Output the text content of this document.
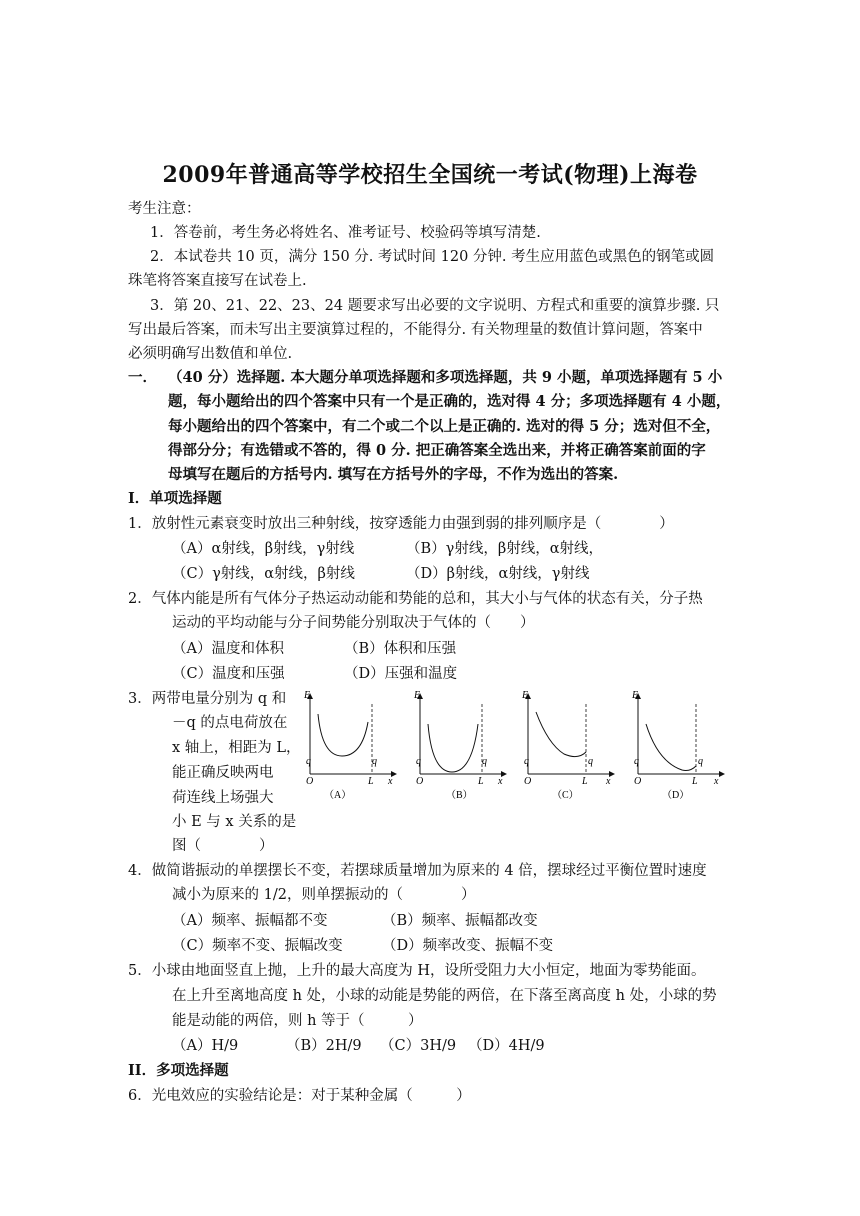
2009年普通高等学校招生全国统一考试(物理)上海卷
考生注意：
1．答卷前，考生务必将姓名、准考证号、校验码等填写清楚.
2．本试卷共 10 页，满分 150 分. 考试时间 120 分钟. 考生应用蓝色或黑色的钢笔或圆
珠笔将答案直接写在试卷上.
3．第 20、21、22、23、24 题要求写出必要的文字说明、方程式和重要的演算步骤. 只
写出最后答案，而未写出主要演算过程的，不能得分. 有关物理量的数值计算问题，答案中
必须明确写出数值和单位.
一． （40 分）选择题. 本大题分单项选择题和多项选择题，共 9 小题，单项选择题有 5 小
题，每小题给出的四个答案中只有一个是正确的，选对得 4 分；多项选择题有 4 小题，
每小题给出的四个答案中，有二个或二个以上是正确的. 选对的得 5 分；选对但不全，
得部分分；有选错或不答的，得 0 分. 把正确答案全选出来，并将正确答案前面的字
母填写在题后的方括号内. 填写在方括号外的字母，不作为选出的答案.
I．单项选择题
1．放射性元素衰变时放出三种射线，按穿透能力由强到弱的排列顺序是（　　　　）
（A）α射线，β射线，γ射线	（B）γ射线，β射线，α射线，
（C）γ射线，α射线，β射线	（D）β射线，α射线，γ射线
2．气体内能是所有气体分子热运动动能和势能的总和，其大小与气体的状态有关，分子热
运动的平均动能与分子间势能分别取决于气体的（　　）
（A）温度和体积	（B）体积和压强
（C）温度和压强	（D）压强和温度
3．两带电量分别为 q 和
－q 的点电荷放在
x 轴上，相距为 L，
能正确反映两电
荷连线上场强大
小 E 与 x 关系的是
图（　　　　）
E
q	q
O	L x
（A）
E
q	q
O	L x
（B）
E
q	q
O	L x
（C）
E
q	q
O	L x
（D）
4．做简谐振动的单摆摆长不变，若摆球质量增加为原来的 4 倍，摆球经过平衡位置时速度
减小为原来的 1/2，则单摆振动的（　　　　）
（A）频率、振幅都不变	（B）频率、振幅都改变
（C）频率不变、振幅改变	（D）频率改变、振幅不变
5．小球由地面竖直上抛，上升的最大高度为 H，设所受阻力大小恒定，地面为零势能面。
在上升至离地高度 h 处，小球的动能是势能的两倍，在下落至离高度 h 处，小球的势
能是动能的两倍，则 h 等于（　　　）
（A）H/9	（B）2H/9 （C）3H/9 （D）4H/9
II．多项选择题
6．光电效应的实验结论是：对于某种金属（　　　）
